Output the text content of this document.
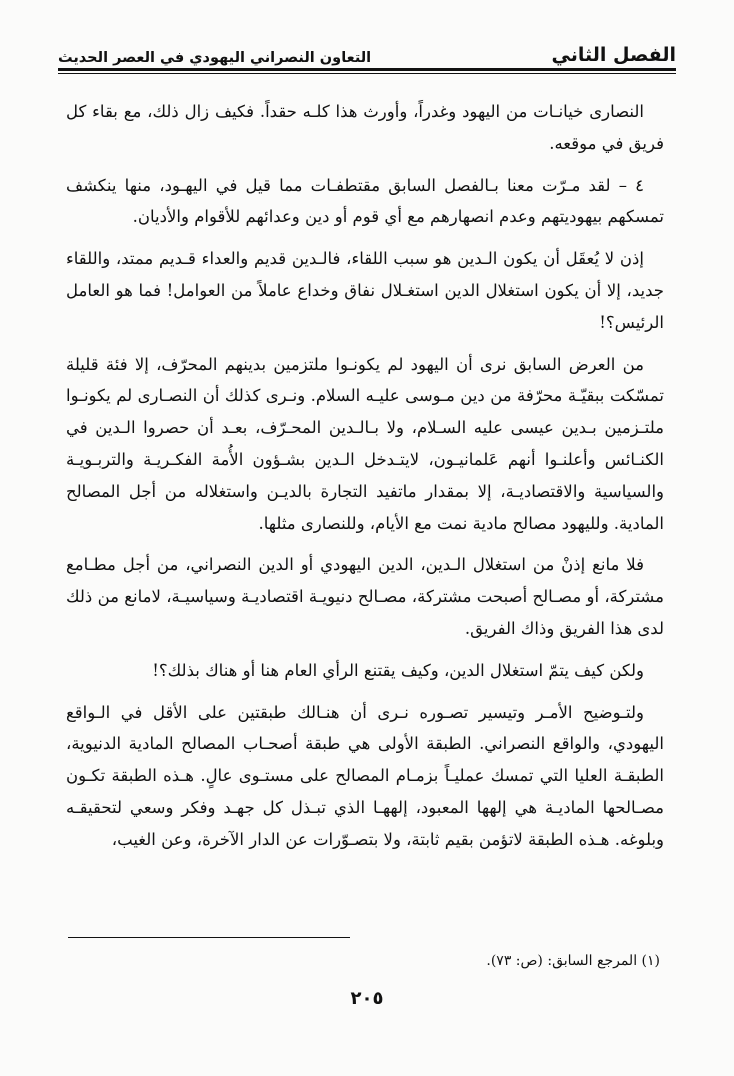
الفصل الثاني
التعاون النصراني اليهودي في العصر الحديث

النصارى خيانـات من اليهود وغدراً، وأورث هذا كلـه حقداً. فكيف زال ذلك، مع بقاء كل فريق في موقعه.

٤ – لقد مـرّت معنا بـالفصل السابق مقتطفـات مما قيل في اليهـود، منها ينكشف تمسكهم بيهوديتهم وعدم انصهارهم مع أي قوم أو دين وعدائهم للأقوام والأديان.

إذن لا يُعقَل أن يكون الـدين هو سبب اللقاء، فالـدين قديم والعداء قـديم ممتد، واللقاء جديد، إلا أن يكون استغلال الدين استغـلال نفاق وخداع عاملاً من العوامل! فما هو العامل الرئيس؟!

من العرض السابق نرى أن اليهود لم يكونـوا ملتزمين بدينهم المحرّف، إلا فئة قليلة تمسّكت ببقيّـة محرّفة من دين مـوسى عليـه السلام. ونـرى كذلك أن النصـارى لم يكونـوا ملتـزمين بـدين عيسى عليه السـلام، ولا بـالـدين المحـرّف، بعـد أن حصروا الـدين في الكنـائس وأعلنـوا أنهم عَلمانيـون، لايتـدخل الـدين بشـؤون الأُمة الفكـريـة والتربـويـة والسياسية والاقتصاديـة، إلا بمقدار ماتفيد التجارة بالديـن واستغلاله من أجل المصالح المادية. ولليهود مصالح مادية نمت مع الأيام، وللنصارى مثلها.

فلا مانع إذنْ من استغلال الـدين، الدين اليهودي أو الدين النصراني، من أجل مطـامع مشتركة، أو مصـالح أصبحت مشتركة، مصـالح دنيويـة اقتصاديـة وسياسيـة، لامانع من ذلك لدى هذا الفريق وذاك الفريق.

ولكن كيف يتمّ استغلال الدين، وكيف يقتنع الرأي العام هنا أو هناك بذلك؟!

ولتـوضيح الأمـر وتيسير تصـوره نـرى أن هنـالك طبقتين على الأقل في الـواقع اليهودي، والواقع النصراني. الطبقة الأولى هي طبقة أصحـاب المصالح المادية الدنيوية، الطبقـة العليا التي تمسك عمليـاً بزمـام المصالح على مستـوى عالٍ. هـذه الطبقة تكـون مصـالحها الماديـة هي إلهها المعبود، إلههـا الذي تبـذل كل جهـد وفكر وسعي لتحقيقـه وبلوغه. هـذه الطبقة لاتؤمن بقيم ثابتة، ولا بتصـوّرات عن الدار الآخرة، وعن الغيب،

(١) المرجع السابق: (ص: ٧٣).
٢٠٥
